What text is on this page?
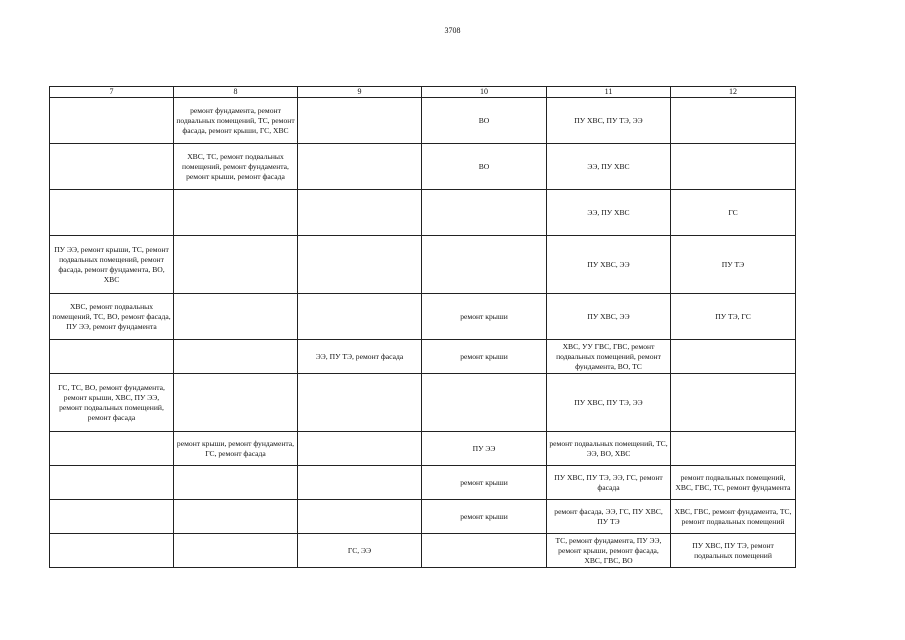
3708
7	8	9	10	11	12
	ремонт фундамента, ремонт подвальных помещений, ТС, ремонт фасада, ремонт крыши, ГС, ХВС		ВО	ПУ ХВС, ПУ ТЭ, ЭЭ	
	ХВС, ТС, ремонт подвальных помещений, ремонт фундамента, ремонт крыши, ремонт фасада		ВО	ЭЭ, ПУ ХВС	
				ЭЭ, ПУ ХВС	ГС
ПУ ЭЭ, ремонт крыши, ТС, ремонт подвальных помещений, ремонт фасада, ремонт фундамента, ВО, ХВС				ПУ ХВС, ЭЭ	ПУ ТЭ
ХВС, ремонт подвальных помещений, ТС, ВО, ремонт фасада, ПУ ЭЭ, ремонт фундамента			ремонт крыши	ПУ ХВС, ЭЭ	ПУ ТЭ, ГС
		ЭЭ, ПУ ТЭ, ремонт фасада	ремонт крыши	ХВС, УУ ГВС, ГВС, ремонт подвальных помещений, ремонт фундамента, ВО, ТС	
ГС, ТС, ВО, ремонт фундамента, ремонт крыши, ХВС, ПУ ЭЭ, ремонт подвальных помещений, ремонт фасада				ПУ ХВС, ПУ ТЭ, ЭЭ	
	ремонт крыши, ремонт фундамента, ГС, ремонт фасада		ПУ ЭЭ	ремонт подвальных помещений, ТС, ЭЭ, ВО, ХВС	
			ремонт крыши	ПУ ХВС, ПУ ТЭ, ЭЭ, ГС, ремонт фасада	ремонт подвальных помещений, ХВС, ГВС, ТС, ремонт фундамента
			ремонт крыши	ремонт фасада, ЭЭ, ГС, ПУ ХВС, ПУ ТЭ	ХВС, ГВС, ремонт фундамента, ТС, ремонт подвальных помещений
		ГС, ЭЭ		ТС, ремонт фундамента, ПУ ЭЭ, ремонт крыши, ремонт фасада, ХВС, ГВС, ВО	ПУ ХВС, ПУ ТЭ, ремонт подвальных помещений
